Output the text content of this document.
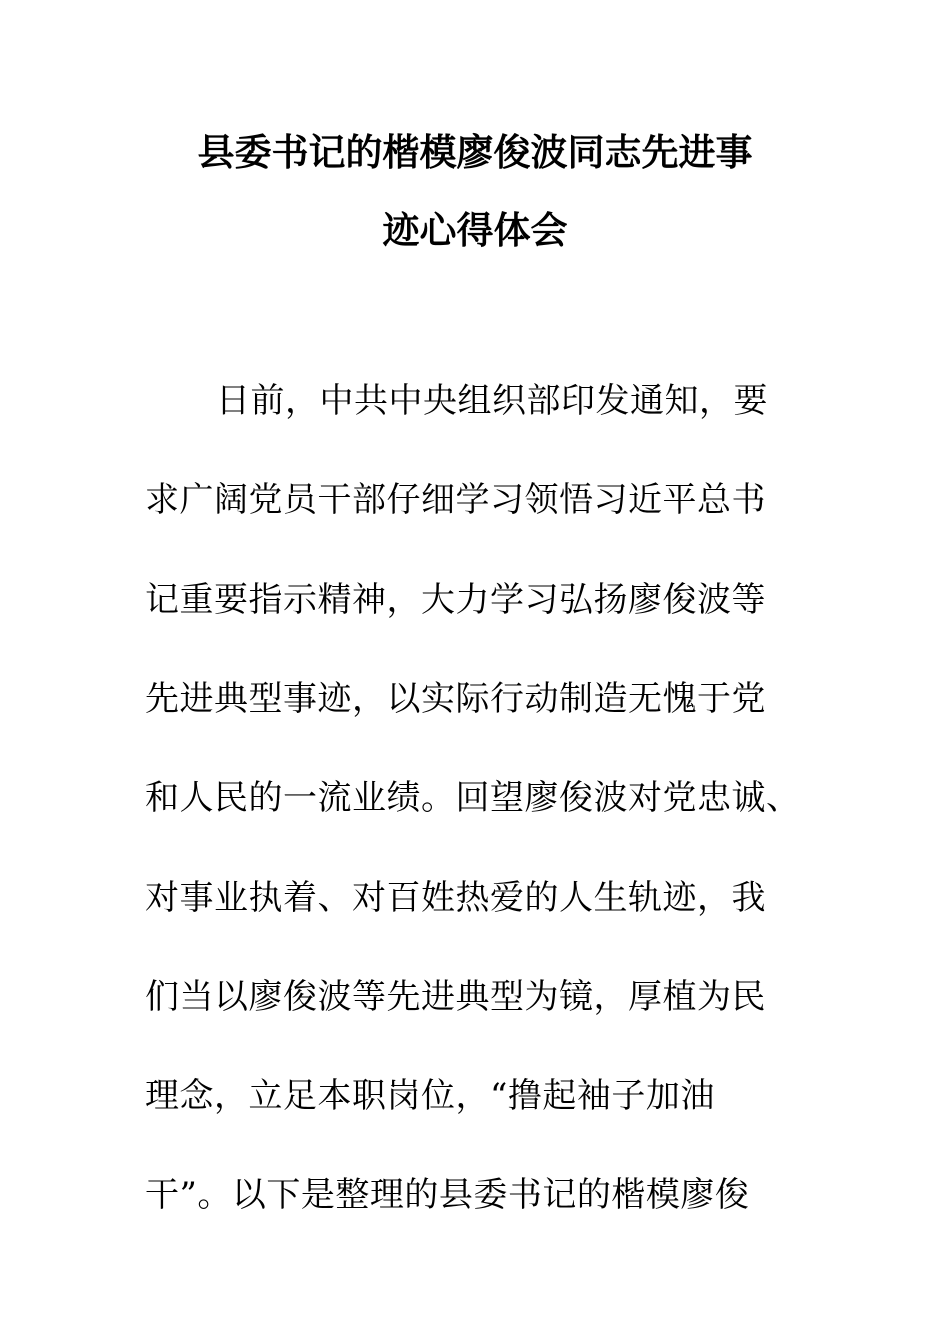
县委书记的楷模廖俊波同志先进事
迹心得体会
日前，中共中央组织部印发通知，要
求广阔党员干部仔细学习领悟习近平总书
记重要指示精神，大力学习弘扬廖俊波等
先进典型事迹，以实际行动制造无愧于党
和人民的一流业绩。回望廖俊波对党忠诚、
对事业执着、对百姓热爱的人生轨迹，我
们当以廖俊波等先进典型为镜，厚植为民
理念，立足本职岗位，“撸起袖子加油
干”。以下是整理的县委书记的楷模廖俊
